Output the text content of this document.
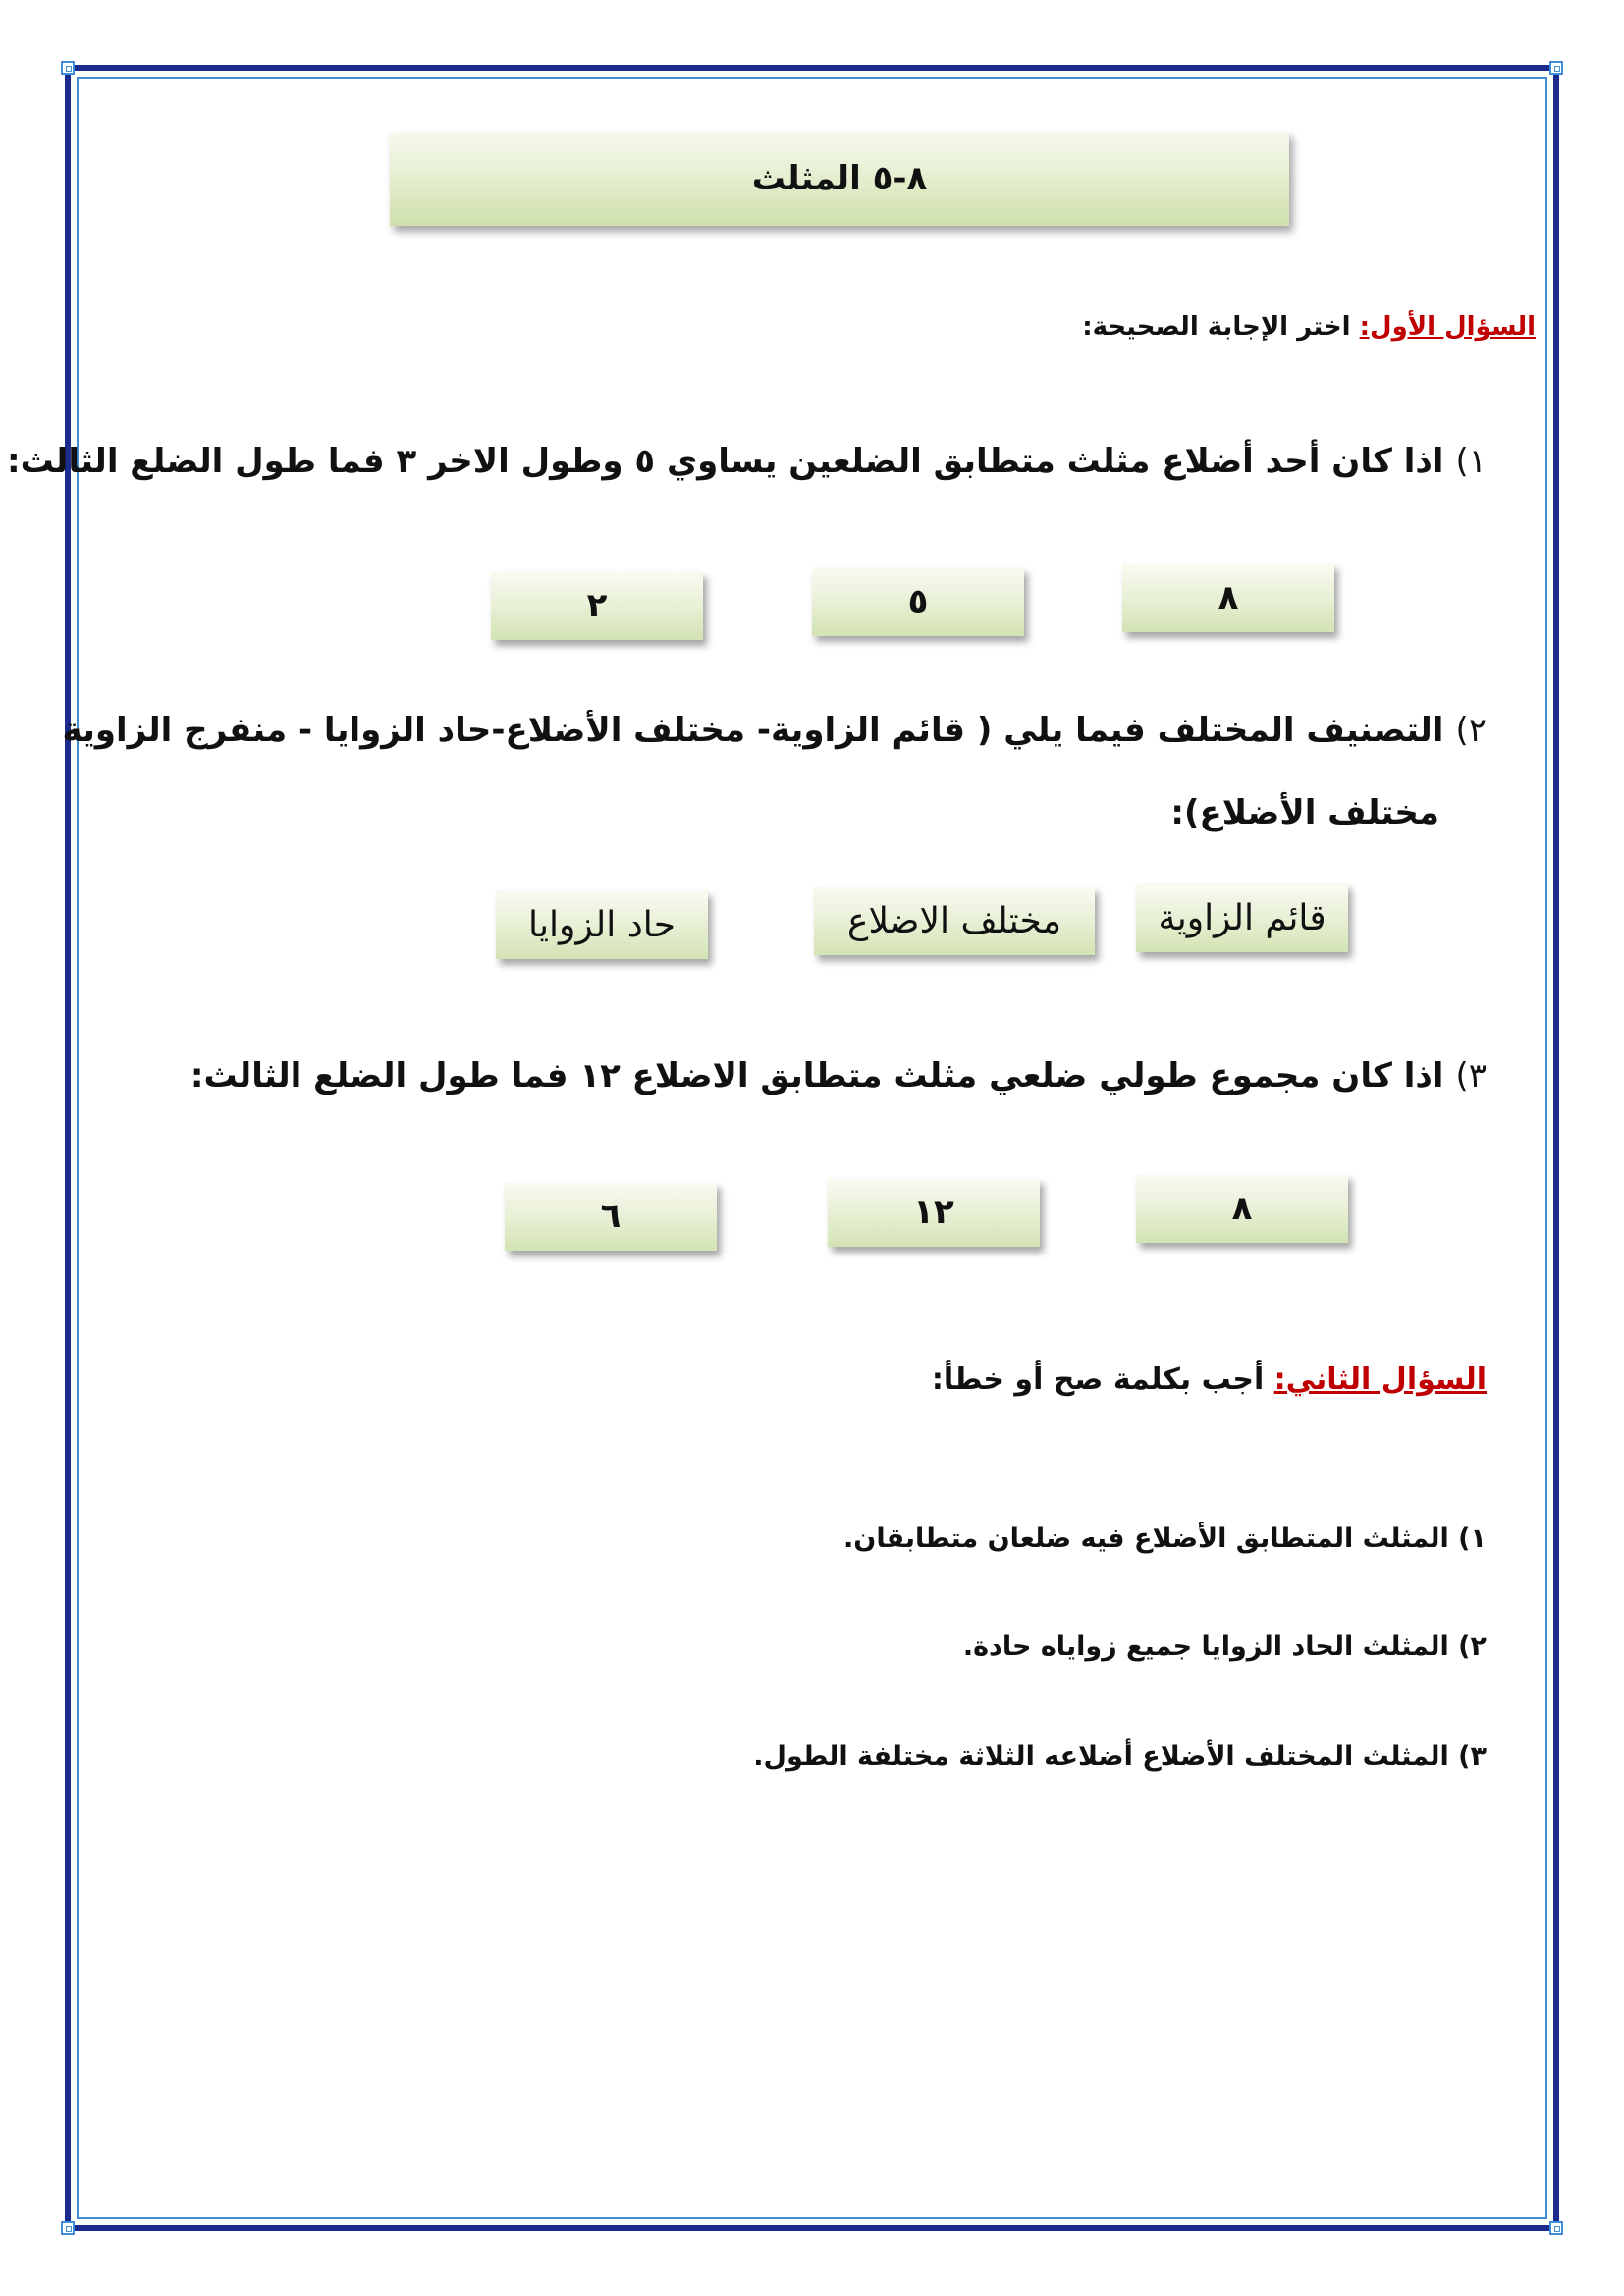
٨-٥ المثلث
السؤال الأول: اختر الإجابة الصحيحة:
١)اذا كان أحد أضلاع مثلث متطابق الضلعين يساوي ٥ وطول الاخر ٣ فما طول الضلع الثالث:
٨
٥
٢
٢)التصنيف المختلف فيما يلي ( قائم الزاوية- مختلف الأضلاع-حاد الزوايا - منفرج الزاوية
مختلف الأضلاع):
قائم الزاوية
مختلف الاضلاع
حاد الزوايا
٣)اذا كان مجموع طولي ضلعي مثلث متطابق الاضلاع ١٢ فما طول الضلع الثالث:
٨
١٢
٦
السؤال الثاني: أجب بكلمة صح أو خطأ:
١) المثلث المتطابق الأضلاع فيه ضلعان متطابقان.
٢) المثلث الحاد الزوايا جميع زواياه حادة.
٣) المثلث المختلف الأضلاع أضلاعه الثلاثة مختلفة الطول.
